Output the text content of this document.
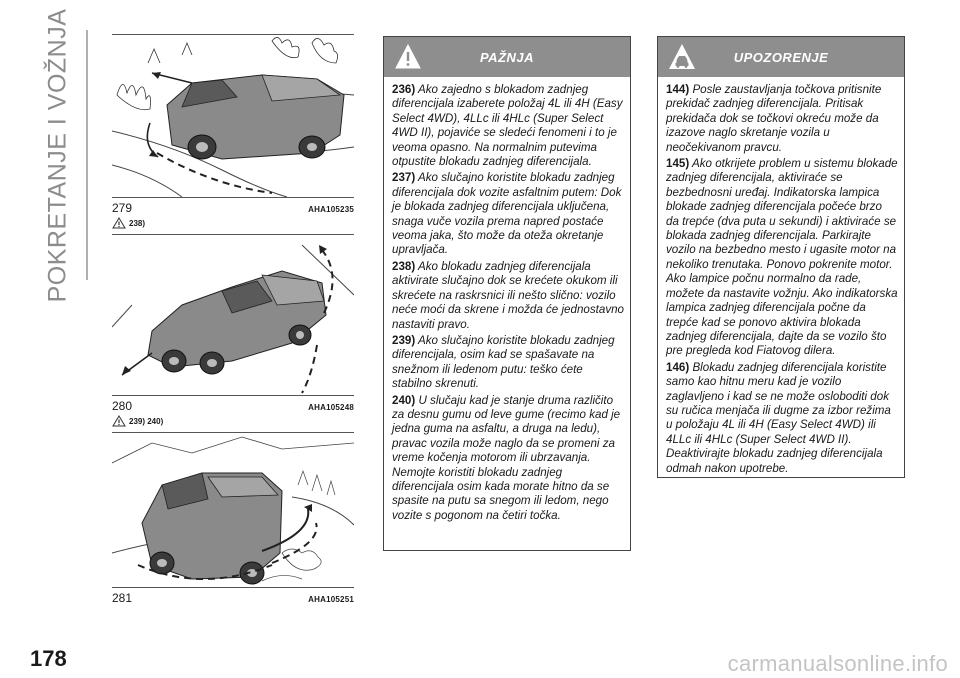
POKRETANJE I VOŽNJA	279	AHA105235
238)
280	AHA105248
239) 240)
281	AHA105251
PAŽNJA

236) Ako zajedno s blokadom zadnjeg diferencijala izaberete položaj 4L ili 4H (Easy Select 4WD), 4LLc ili 4HLc (Super Select 4WD II), pojaviće se sledeći fenomeni i to je veoma opasno. Na normalnim putevima otpustite blokadu zadnjeg diferencijala.

237) Ako slučajno koristite blokadu zadnjeg diferencijala dok vozite asfaltnim putem: Dok je blokada zadnjeg diferencijala uključena, snaga vuče vozila prema napred postaće veoma jaka, što može da oteža okretanje upravljača.

238) Ako blokadu zadnjeg diferencijala aktivirate slučajno dok se krećete okukom ili skrećete na raskrsnici ili nešto slično: vozilo neće moći da skrene i možda će jednostavno nastaviti pravo.

239) Ako slučajno koristite blokadu zadnjeg diferencijala, osim kad se spašavate na snežnom ili ledenom putu: teško ćete stabilno skrenuti.

240) U slučaju kad je stanje druma različito za desnu gumu od leve gume (recimo kad je jedna guma na asfaltu, a druga na ledu), pravac vozila može naglo da se promeni za vreme kočenja motorom ili ubrzavanja. Nemojte koristiti blokadu zadnjeg diferencijala osim kada morate hitno da se spasite na putu sa snegom ili ledom, nego vozite s pogonom na četiri točka.

UPOZORENJE

144) Posle zaustavljanja točkova pritisnite prekidač zadnjeg diferencijala. Pritisak prekidača dok se točkovi okreću može da izazove naglo skretanje vozila u neočekivanom pravcu.

145) Ako otkrijete problem u sistemu blokade zadnjeg diferencijala, aktiviraće se bezbednosni uređaj. Indikatorska lampica blokade zadnjeg diferencijala počeće brzo da trepće (dva puta u sekundi) i aktiviraće se blokada zadnjeg diferencijala. Parkirajte vozilo na bezbedno mesto i ugasite motor na nekoliko trenutaka. Ponovo pokrenite motor. Ako lampice počnu normalno da rade, možete da nastavite vožnju. Ako indikatorska lampica zadnjeg diferencijala počne da trepće kad se ponovo aktivira blokada zadnjeg diferencijala, dajte da se vozilo što pre pregleda kod Fiatovog dilera.

146) Blokadu zadnjeg diferencijala koristite samo kao hitnu meru kad je vozilo zaglavljeno i kad se ne može osloboditi dok su ručica menjača ili dugme za izbor režima u položaju 4L ili 4H (Easy Select 4WD) ili 4LLc ili 4HLc (Super Select 4WD II). Deaktivirajte blokadu zadnjeg diferencijala odmah nakon upotrebe.

178	carmanualsonline.info
